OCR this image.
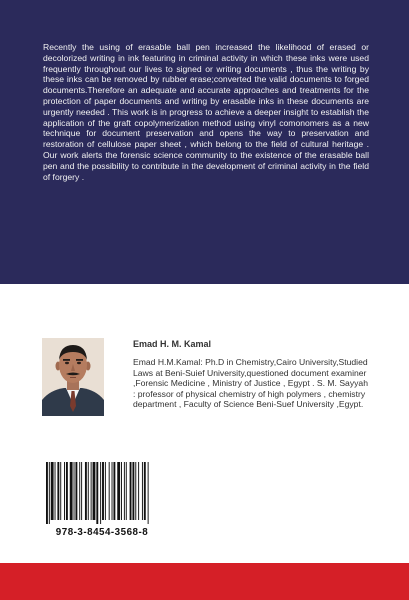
Recently the using of erasable ball pen increased the likelihood of erased or decolorized writing in ink featuring in criminal activity in which these inks were used frequently throughout our lives to signed or writing documents , thus the writing by these inks can be removed by rubber erase;converted the valid documents to forged documents.Therefore an adequate and accurate approaches and treatments for the protection of paper documents and writing by erasable inks in these documents are urgently needed . This work is in progress to achieve a deeper insight to establish the application of the graft copolymerization method using vinyl comonomers as a new technique for document preservation and opens the way to preservation and restoration of cellulose paper sheet , which belong to the field of cultural heritage . Our work alerts the forensic science community to the existence of the erasable ball pen and the possibility to contribute in the development of criminal activity in the field of forgery .

Emad H. M. Kamal

Emad H.M.Kamal: Ph.D in Chemistry,Cairo University,Studied Laws at Beni-Suief University,questioned document examiner ,Forensic Medicine , Ministry of Justice , Egypt . S. M. Sayyah : professor of physical chemistry of high polymers , chemistry department , Faculty of Science Beni-Suef University ,Egypt.

978-3-8454-3568-8
